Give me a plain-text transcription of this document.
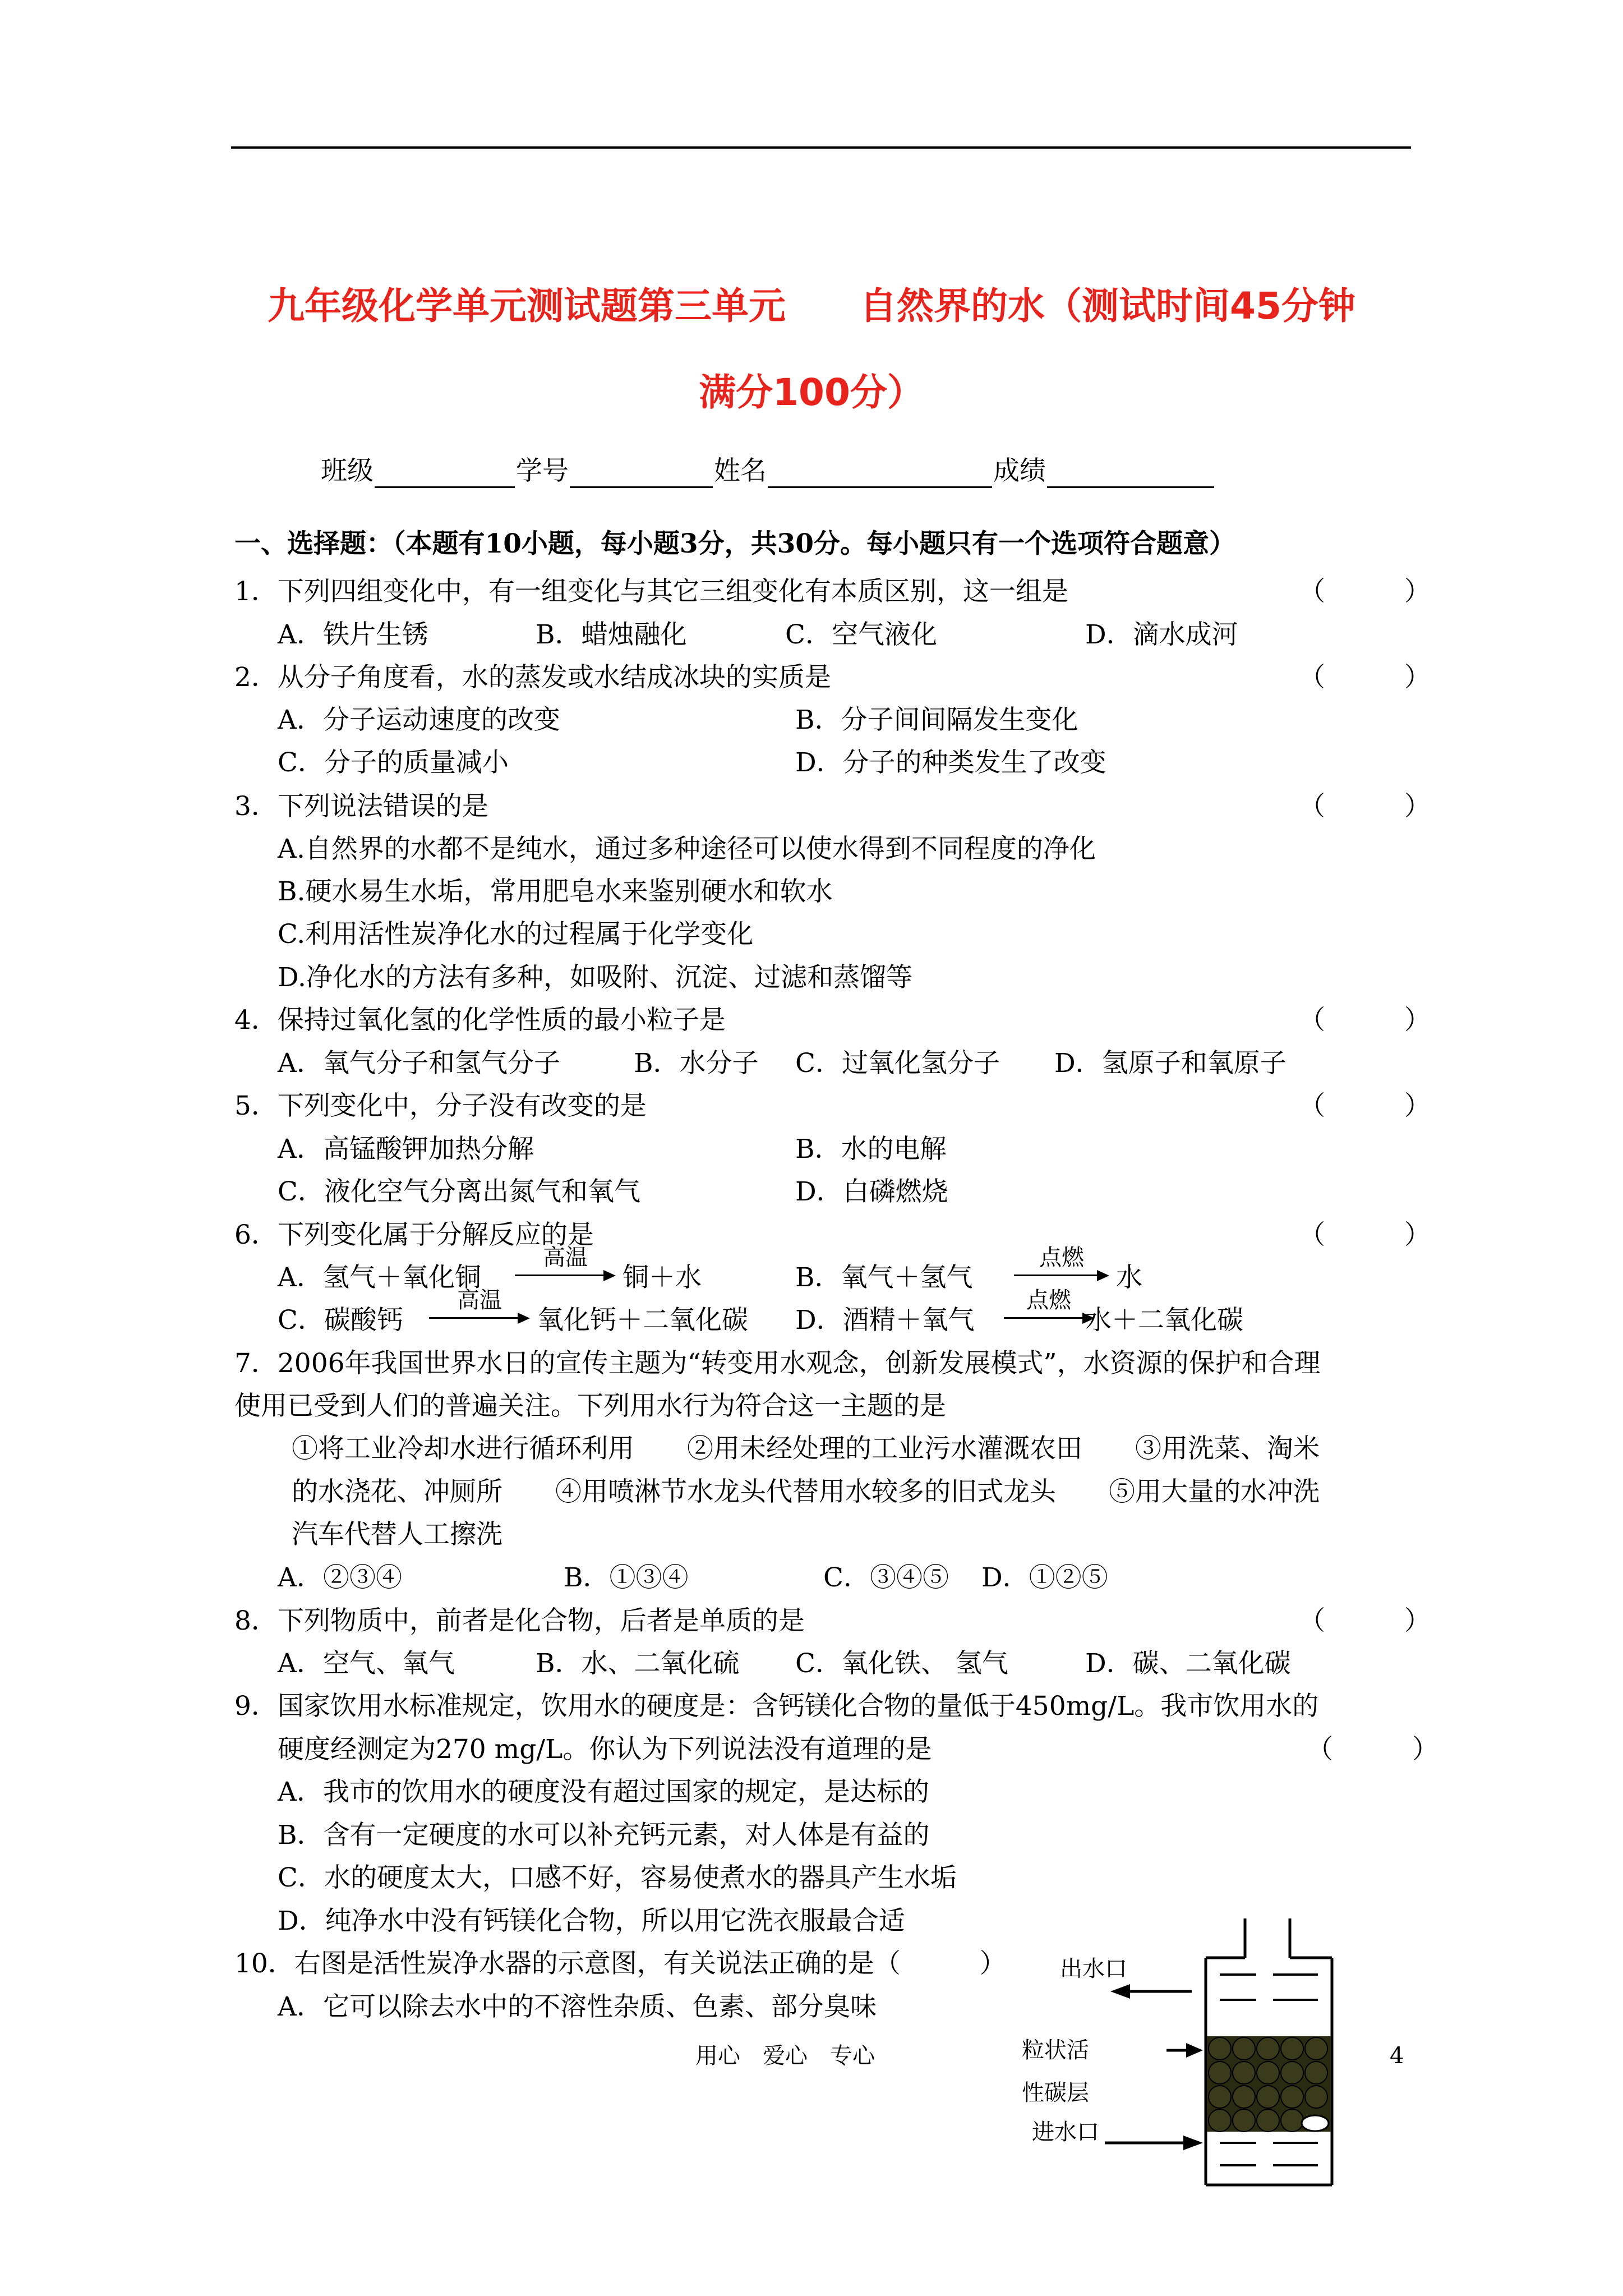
九年级化学单元测试题第三单元　　自然界的水（测试时间45分钟
满分100分）
班级	学号	姓名	成绩
一、选择题：（本题有10小题，每小题3分，共30分。每小题只有一个选项符合题意）
1．下列四组变化中，有一组变化与其它三组变化有本质区别，这一组是	（　　　）
A．铁片生锈	B．蜡烛融化	C．空气液化	D．滴水成河
2．从分子角度看，水的蒸发或水结成冰块的实质是	（　　　）
A．分子运动速度的改变	B．分子间间隔发生变化
C．分子的质量减小	D．分子的种类发生了改变
3．下列说法错误的是	（　　　）
A.自然界的水都不是纯水，通过多种途径可以使水得到不同程度的净化
B.硬水易生水垢，常用肥皂水来鉴别硬水和软水
C.利用活性炭净化水的过程属于化学变化
D.净化水的方法有多种，如吸附、沉淀、过滤和蒸馏等
4．保持过氧化氢的化学性质的最小粒子是	（　　　）
A．氧气分子和氢气分子	B．水分子 C．过氧化氢分子 D．氢原子和氧原子
5．下列变化中，分子没有改变的是	（　　　）
A．高锰酸钾加热分解	B．水的电解
C．液化空气分离出氮气和氧气	D．白磷燃烧
6．下列变化属于分解反应的是	（　　　）
A．氢气＋氧化铜
高温
铜＋水	B．氧气＋氢气
点燃
水
C．碳酸钙
高温
氧化钙＋二氧化碳 D．酒精＋氧气
点燃
水＋二氧化碳
7．2006年我国世界水日的宣传主题为“转变用水观念，创新发展模式”，水资源的保护和合理
使用已受到人们的普遍关注。下列用水行为符合这一主题的是
①将工业冷却水进行循环利用　　②用未经处理的工业污水灌溉农田　　③用洗菜、淘米
的水浇花、冲厕所　　④用喷淋节水龙头代替用水较多的旧式龙头　　⑤用大量的水冲洗
汽车代替人工擦洗
A．②③④	B．①③④	C．③④⑤ D．①②⑤
8．下列物质中，前者是化合物，后者是单质的是	（　　　）
A．空气、氧气	B．水、二氧化硫 C．氧化铁、 氢气	D．碳、二氧化碳
9．国家饮用水标准规定，饮用水的硬度是：含钙镁化合物的量低于450mg/L。我市饮用水的
硬度经测定为270 mg/L。你认为下列说法没有道理的是	（　　　）
A．我市的饮用水的硬度没有超过国家的规定，是达标的
B．含有一定硬度的水可以补充钙元素，对人体是有益的
C．水的硬度太大，口感不好，容易使煮水的器具产生水垢
D．纯净水中没有钙镁化合物，所以用它洗衣服最合适
10．右图是活性炭净水器的示意图，有关说法正确的是（　　　）
A．它可以除去水中的不溶性杂质、色素、部分臭味
出水口
粒状活
性碳层
进水口
用心　爱心　专心	4
